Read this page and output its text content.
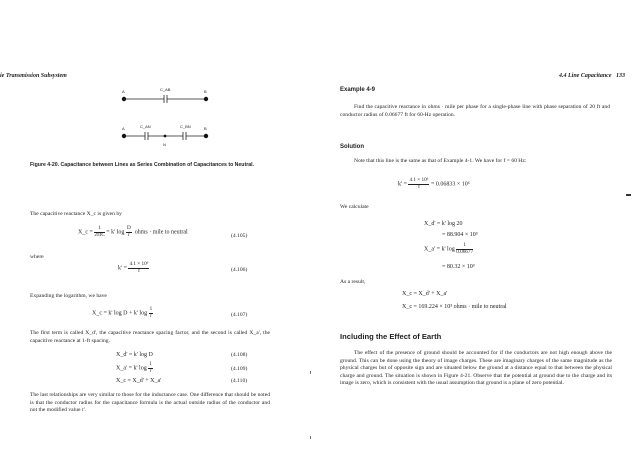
ie Transmission Subsystem	4.4 Line Capacitance 133
A	C_AB	B
A	C_AN	C_BN	B
N
Figure 4-20. Capacitance between Lines as Series Combination of Capacitances to Neutral.
The capacitive reactance X_c is given by
X_c = $\frac{1}{\text{2πfC}} = k'$ $\log \frac{D}{r}$ ohms · mile to neutral
(4.105)
where
$k' = \frac{\text{4.1 × 10⁶}}{f}$	(4.106)
Expanding the logarithm, we have
X_c = k' log D + k' $\log \frac{1}{r}$	(4.107)
The first term is called X_d', the capacitive reactance spacing factor, and the second is called X_a', the capacitive reactance at 1-ft spacing.
X_d' = k' log D	(4.108)
X_a' = k' $\log \frac{1}{r}$	(4.109)
X_c = X_d' + X_a'	(4.110)
The last relationships are very similar to those for the inductance case. One difference that should be noted is that the conductor radius for the capacitance formula is the actual outside radius of the conductor and not the modified value r'.
Example 4-9
Find the capacitive reactance in ohms · mile per phase for a single-phase line with phase separation of 20 ft and conductor radius of 0.06677 ft for 60-Hz operation.
Solution
Note that this line is the same as that of Example 4-1. We have for f = 60 Hz:
$k' = \frac{\text{4.1 × 10⁶}}{f} = 0.06833 \times 10^6$
We calculate
X_d' = k' log 20
= 88.904 × 10³
X_a' = k' $\log \frac{1}{0.06677}$
= 80.32 × 10³
As a result,
X_c = X_d' + X_a'
X_c = 169.224 × 10³ ohms · mile to neutral
Including the Effect of Earth
The effect of the presence of ground should be accounted for if the conductors are not high enough above the ground. This can be done using the theory of image charges. These are imaginary charges of the same magnitude as the physical charges but of opposite sign and are situated below the ground at a distance equal to that between the physical charge and ground. The situation is shown in Figure 4-21. Observe that the potential at ground due to the charge and its image is zero, which is consistent with the usual assumption that ground is a plane of zero potential.
